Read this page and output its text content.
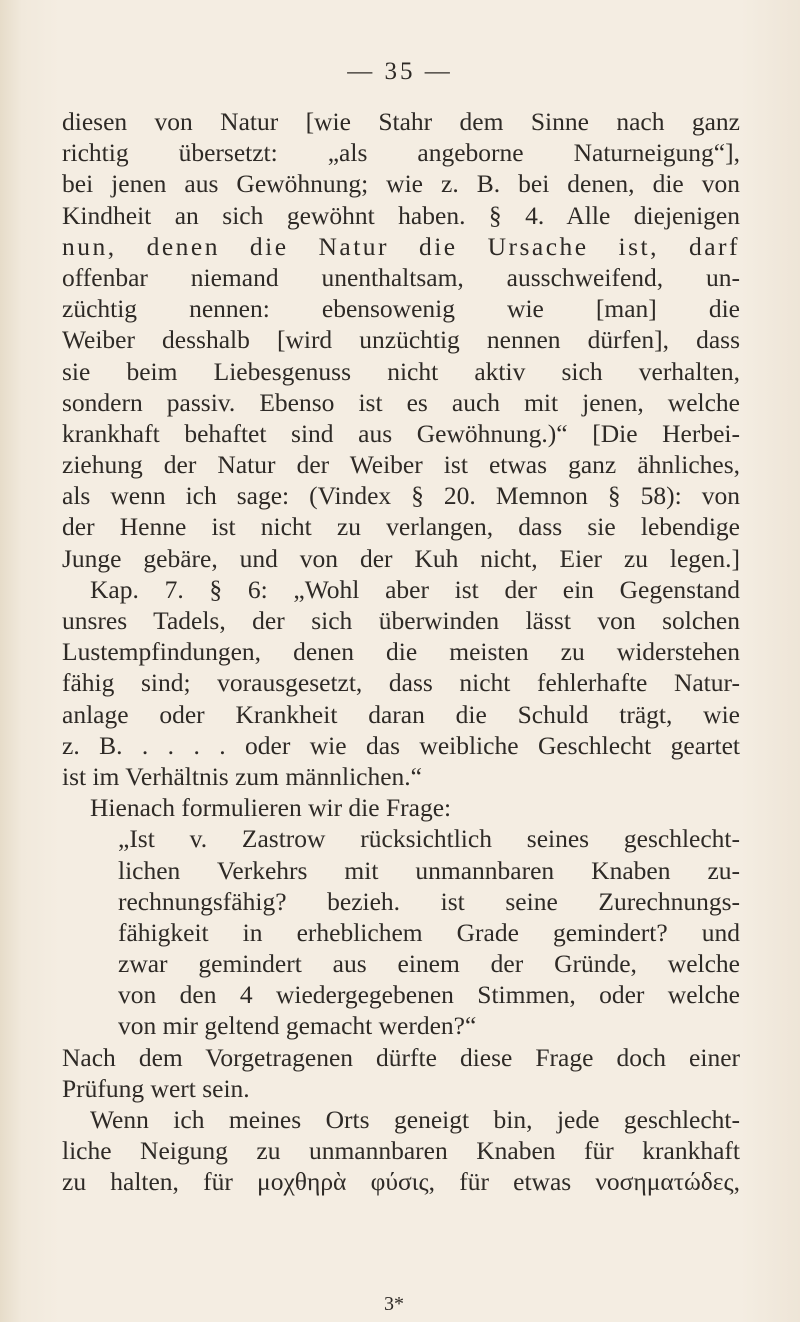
— 35 —
diesen von Natur [wie Stahr dem Sinne nach ganz
richtig übersetzt: „als angeborne Naturneigung“],
bei jenen aus Gewöhnung; wie z. B. bei denen, die von
Kindheit an sich gewöhnt haben. § 4. Alle diejenigen
nun, denen die Natur die Ursache ist, darf
offenbar niemand unenthaltsam, ausschweifend, un-
züchtig nennen: ebensowenig wie [man] die
Weiber desshalb [wird unzüchtig nennen dürfen], dass
sie beim Liebesgenuss nicht aktiv sich verhalten,
sondern passiv. Ebenso ist es auch mit jenen, welche
krankhaft behaftet sind aus Gewöhnung.)“ [Die Herbei-
ziehung der Natur der Weiber ist etwas ganz ähnliches,
als wenn ich sage: (Vindex § 20. Memnon § 58): von
der Henne ist nicht zu verlangen, dass sie lebendige
Junge gebäre, und von der Kuh nicht, Eier zu legen.]
Kap. 7. § 6: „Wohl aber ist der ein Gegenstand
unsres Tadels, der sich überwinden lässt von solchen
Lustempfindungen, denen die meisten zu widerstehen
fähig sind; vorausgesetzt, dass nicht fehlerhafte Natur-
anlage oder Krankheit daran die Schuld trägt, wie
z. B. . . . . oder wie das weibliche Geschlecht geartet
ist im Verhältnis zum männlichen.“
Hienach formulieren wir die Frage:
„Ist v. Zastrow rücksichtlich seines geschlecht-
lichen Verkehrs mit unmannbaren Knaben zu-
rechnungsfähig? bezieh. ist seine Zurechnungs-
fähigkeit in erheblichem Grade gemindert? und
zwar gemindert aus einem der Gründe, welche
von den 4 wiedergegebenen Stimmen, oder welche
von mir geltend gemacht werden?“
Nach dem Vorgetragenen dürfte diese Frage doch einer
Prüfung wert sein.
Wenn ich meines Orts geneigt bin, jede geschlecht-
liche Neigung zu unmannbaren Knaben für krankhaft
zu halten, für μοχθηρὰ φύσις, für etwas νοσηματώδες,
3*
